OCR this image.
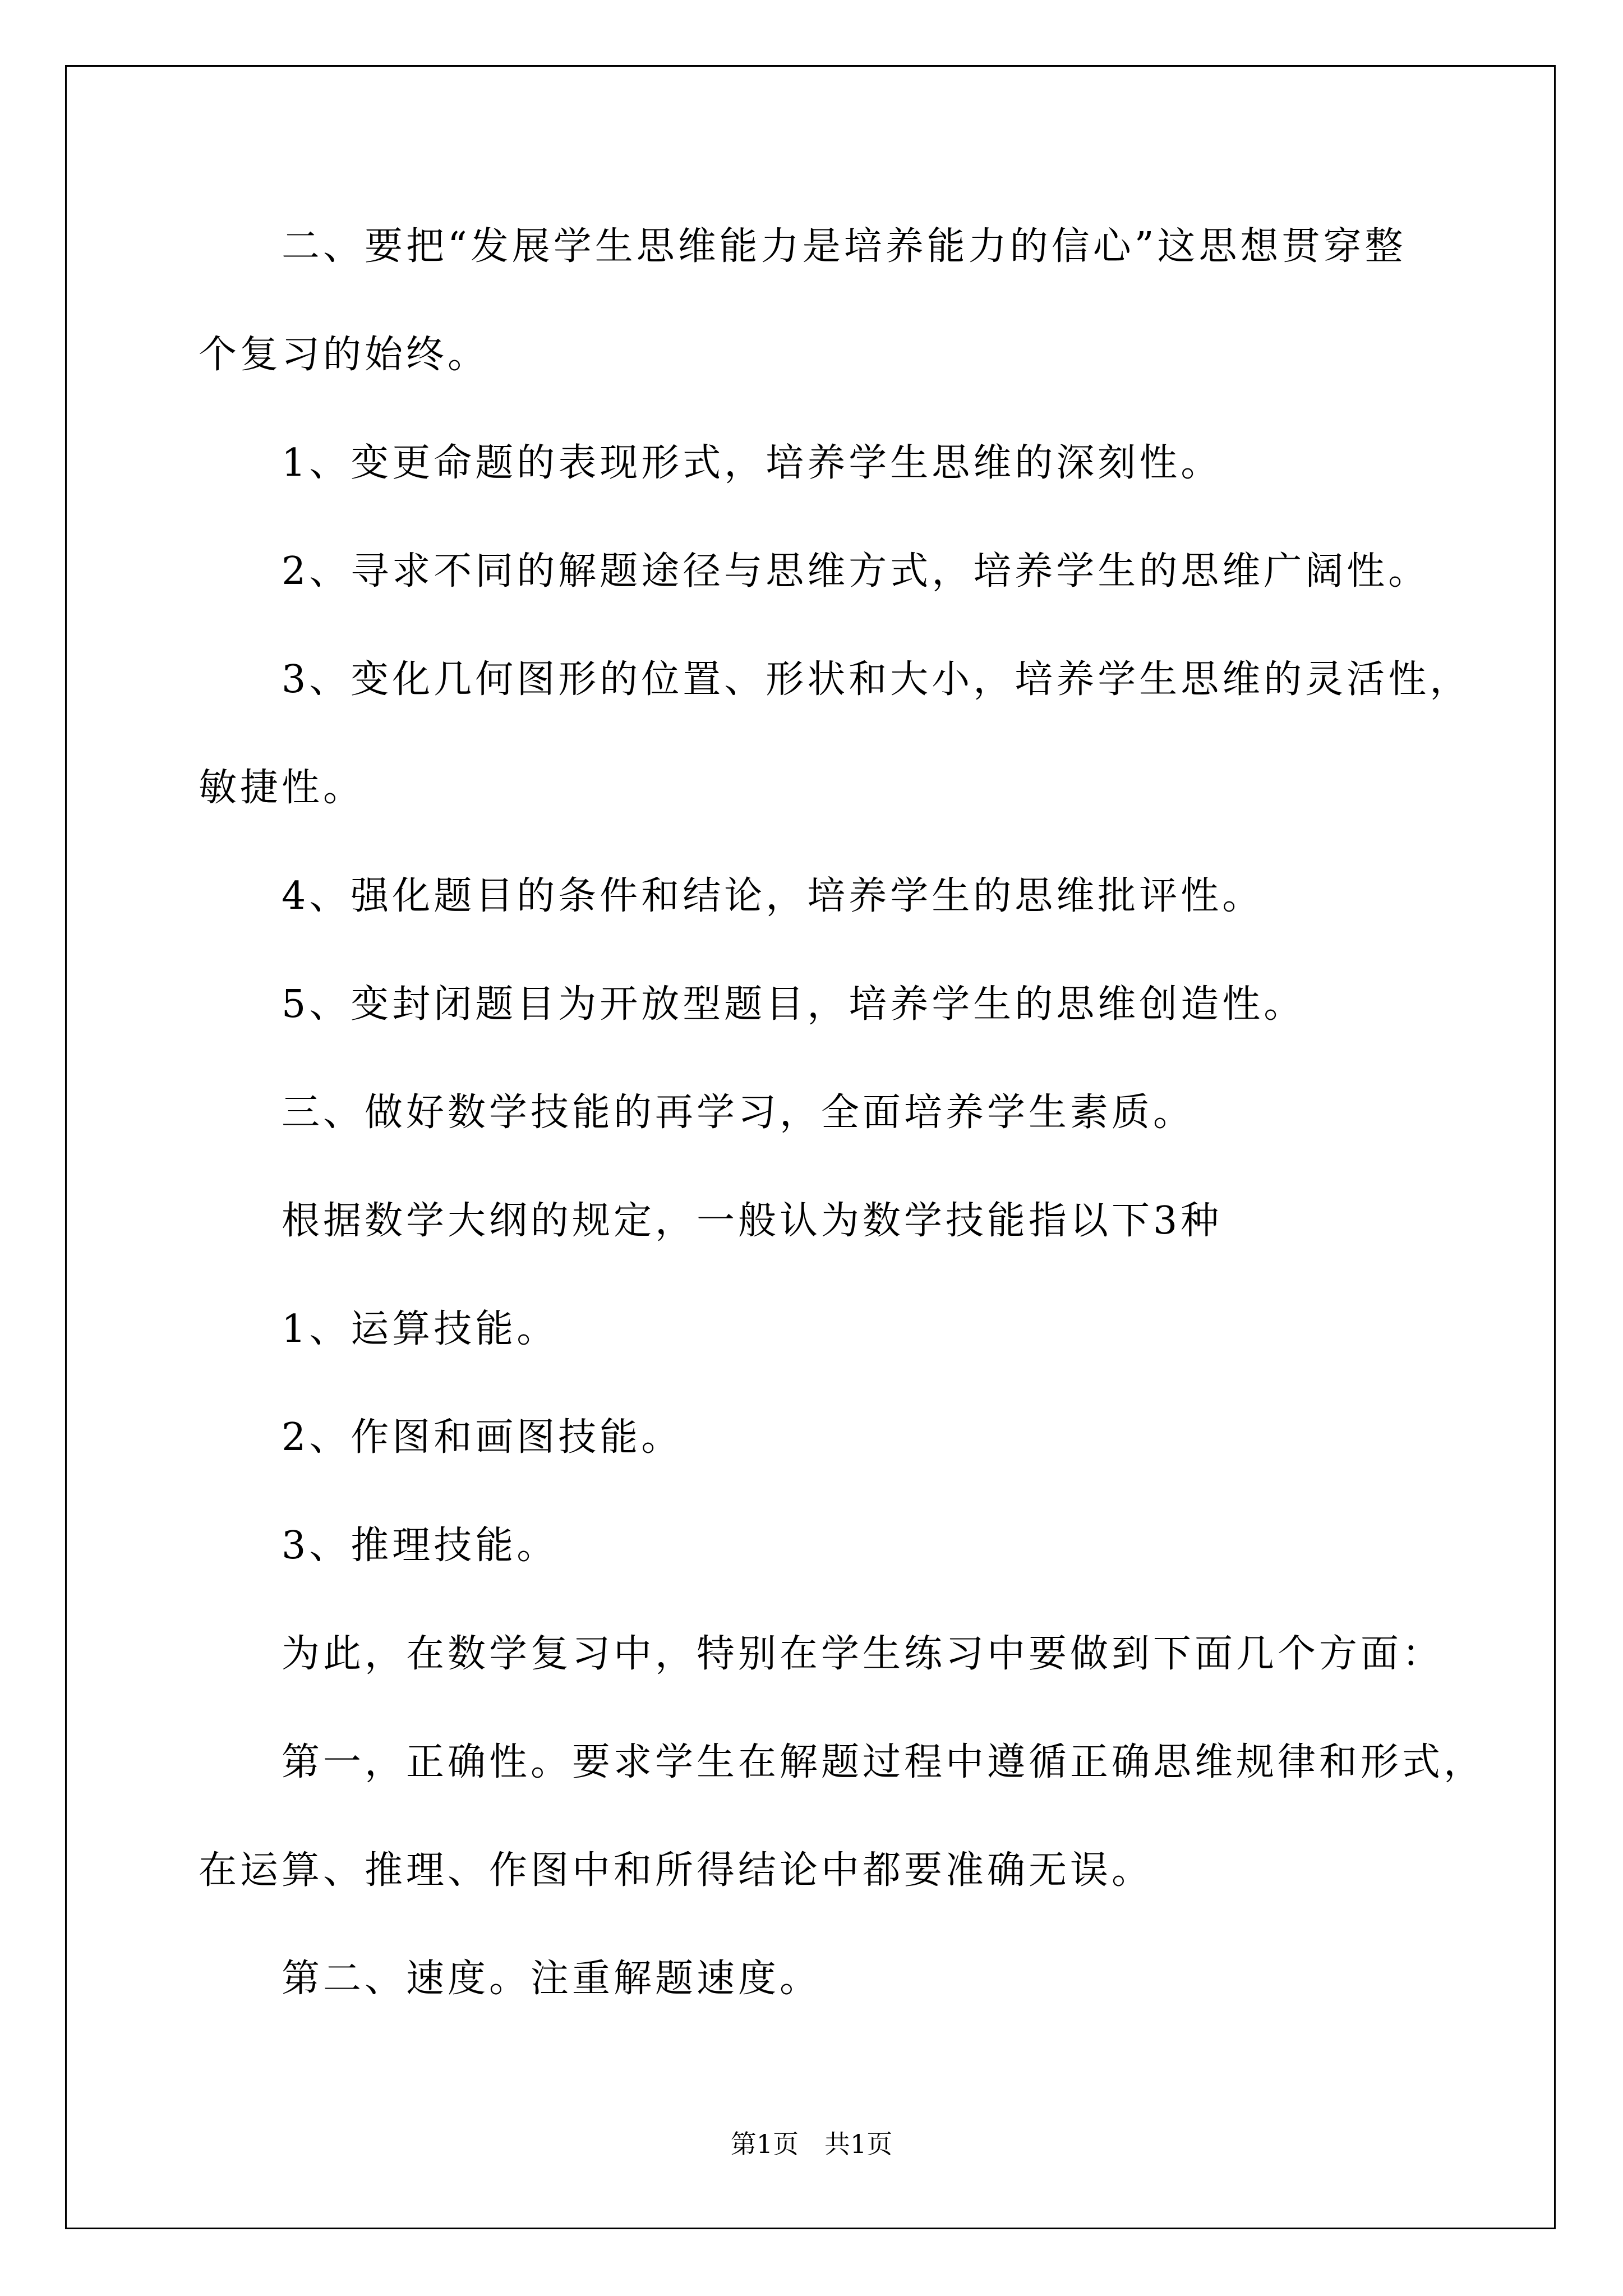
　　二、要把“发展学生思维能力是培养能力的信心”这思想贯穿整

个复习的始终。

　　1、变更命题的表现形式，培养学生思维的深刻性。

　　2、寻求不同的解题途径与思维方式，培养学生的思维广阔性。

　　3、变化几何图形的位置、形状和大小，培养学生思维的灵活性，

敏捷性。

　　4、强化题目的条件和结论，培养学生的思维批评性。

　　5、变封闭题目为开放型题目，培养学生的思维创造性。

　　三、做好数学技能的再学习，全面培养学生素质。

　　根据数学大纲的规定，一般认为数学技能指以下3种

　　1、运算技能。

　　2、作图和画图技能。

　　3、推理技能。

　　为此，在数学复习中，特别在学生练习中要做到下面几个方面：

　　第一，正确性。要求学生在解题过程中遵循正确思维规律和形式，

在运算、推理、作图中和所得结论中都要准确无误。

　　第二、速度。注重解题速度。

第1页　共1页
